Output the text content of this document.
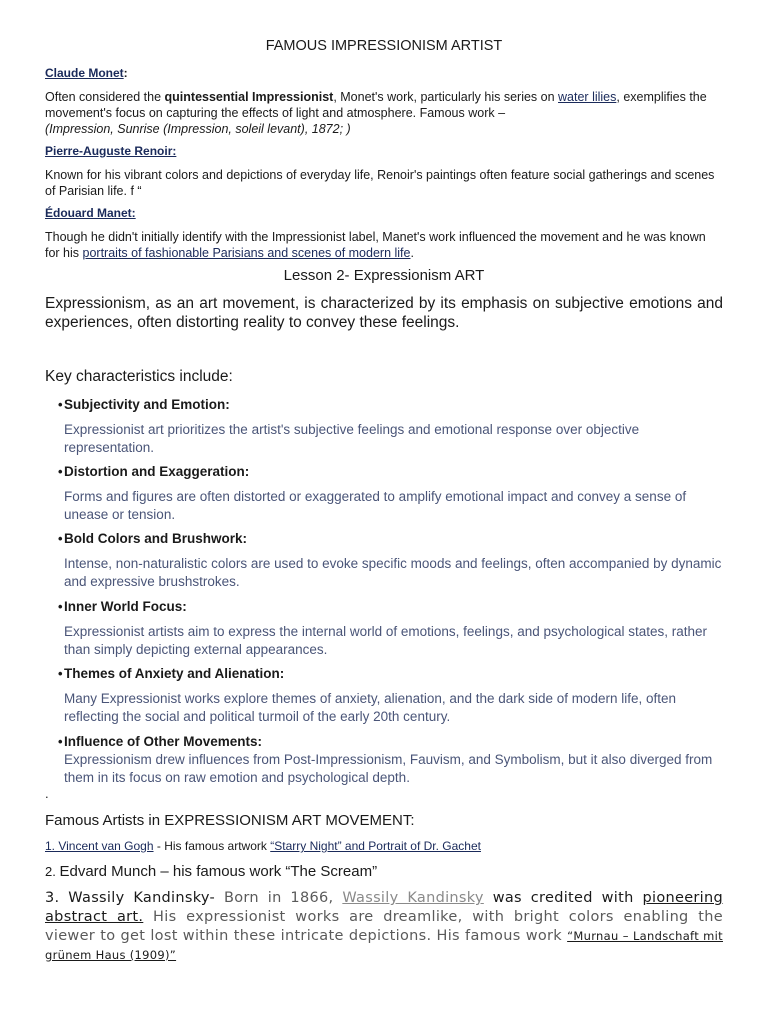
FAMOUS IMPRESSIONISM ARTIST
Claude Monet:
Often considered the quintessential Impressionist, Monet's work, particularly his series on water lilies, exemplifies the movement's focus on capturing the effects of light and atmosphere. Famous work –
(Impression, Sunrise (Impression, soleil levant), 1872; )
Pierre-Auguste Renoir:
Known for his vibrant colors and depictions of everyday life, Renoir's paintings often feature social gatherings and scenes of Parisian life. f “
Édouard Manet:
Though he didn't initially identify with the Impressionist label, Manet's work influenced the movement and he was known for his portraits of fashionable Parisians and scenes of modern life.
Lesson 2- Expressionism ART
Expressionism, as an art movement, is characterized by its emphasis on subjective emotions and experiences, often distorting reality to convey these feelings.
Key characteristics include:
• Subjectivity and Emotion:
Expressionist art prioritizes the artist's subjective feelings and emotional response over objective representation.
• Distortion and Exaggeration:
Forms and figures are often distorted or exaggerated to amplify emotional impact and convey a sense of unease or tension.
• Bold Colors and Brushwork:
Intense, non-naturalistic colors are used to evoke specific moods and feelings, often accompanied by dynamic and expressive brushstrokes.
• Inner World Focus:
Expressionist artists aim to express the internal world of emotions, feelings, and psychological states, rather than simply depicting external appearances.
• Themes of Anxiety and Alienation:
Many Expressionist works explore themes of anxiety, alienation, and the dark side of modern life, often reflecting the social and political turmoil of the early 20th century.
• Influence of Other Movements:
Expressionism drew influences from Post-Impressionism, Fauvism, and Symbolism, but it also diverged from them in its focus on raw emotion and psychological depth.
.
Famous Artists in EXPRESSIONISM ART MOVEMENT:
1. Vincent van Gogh - His famous artwork “Starry Night” and Portrait of Dr. Gachet
2. Edvard Munch – his famous work “The Scream”
3. Wassily Kandinsky- Born in 1866, Wassily Kandinsky was credited with pioneering abstract art. His expressionist works are dreamlike, with bright colors enabling the viewer to get lost within these intricate depictions. His famous work “Murnau – Landschaft mit grünem Haus (1909)”
